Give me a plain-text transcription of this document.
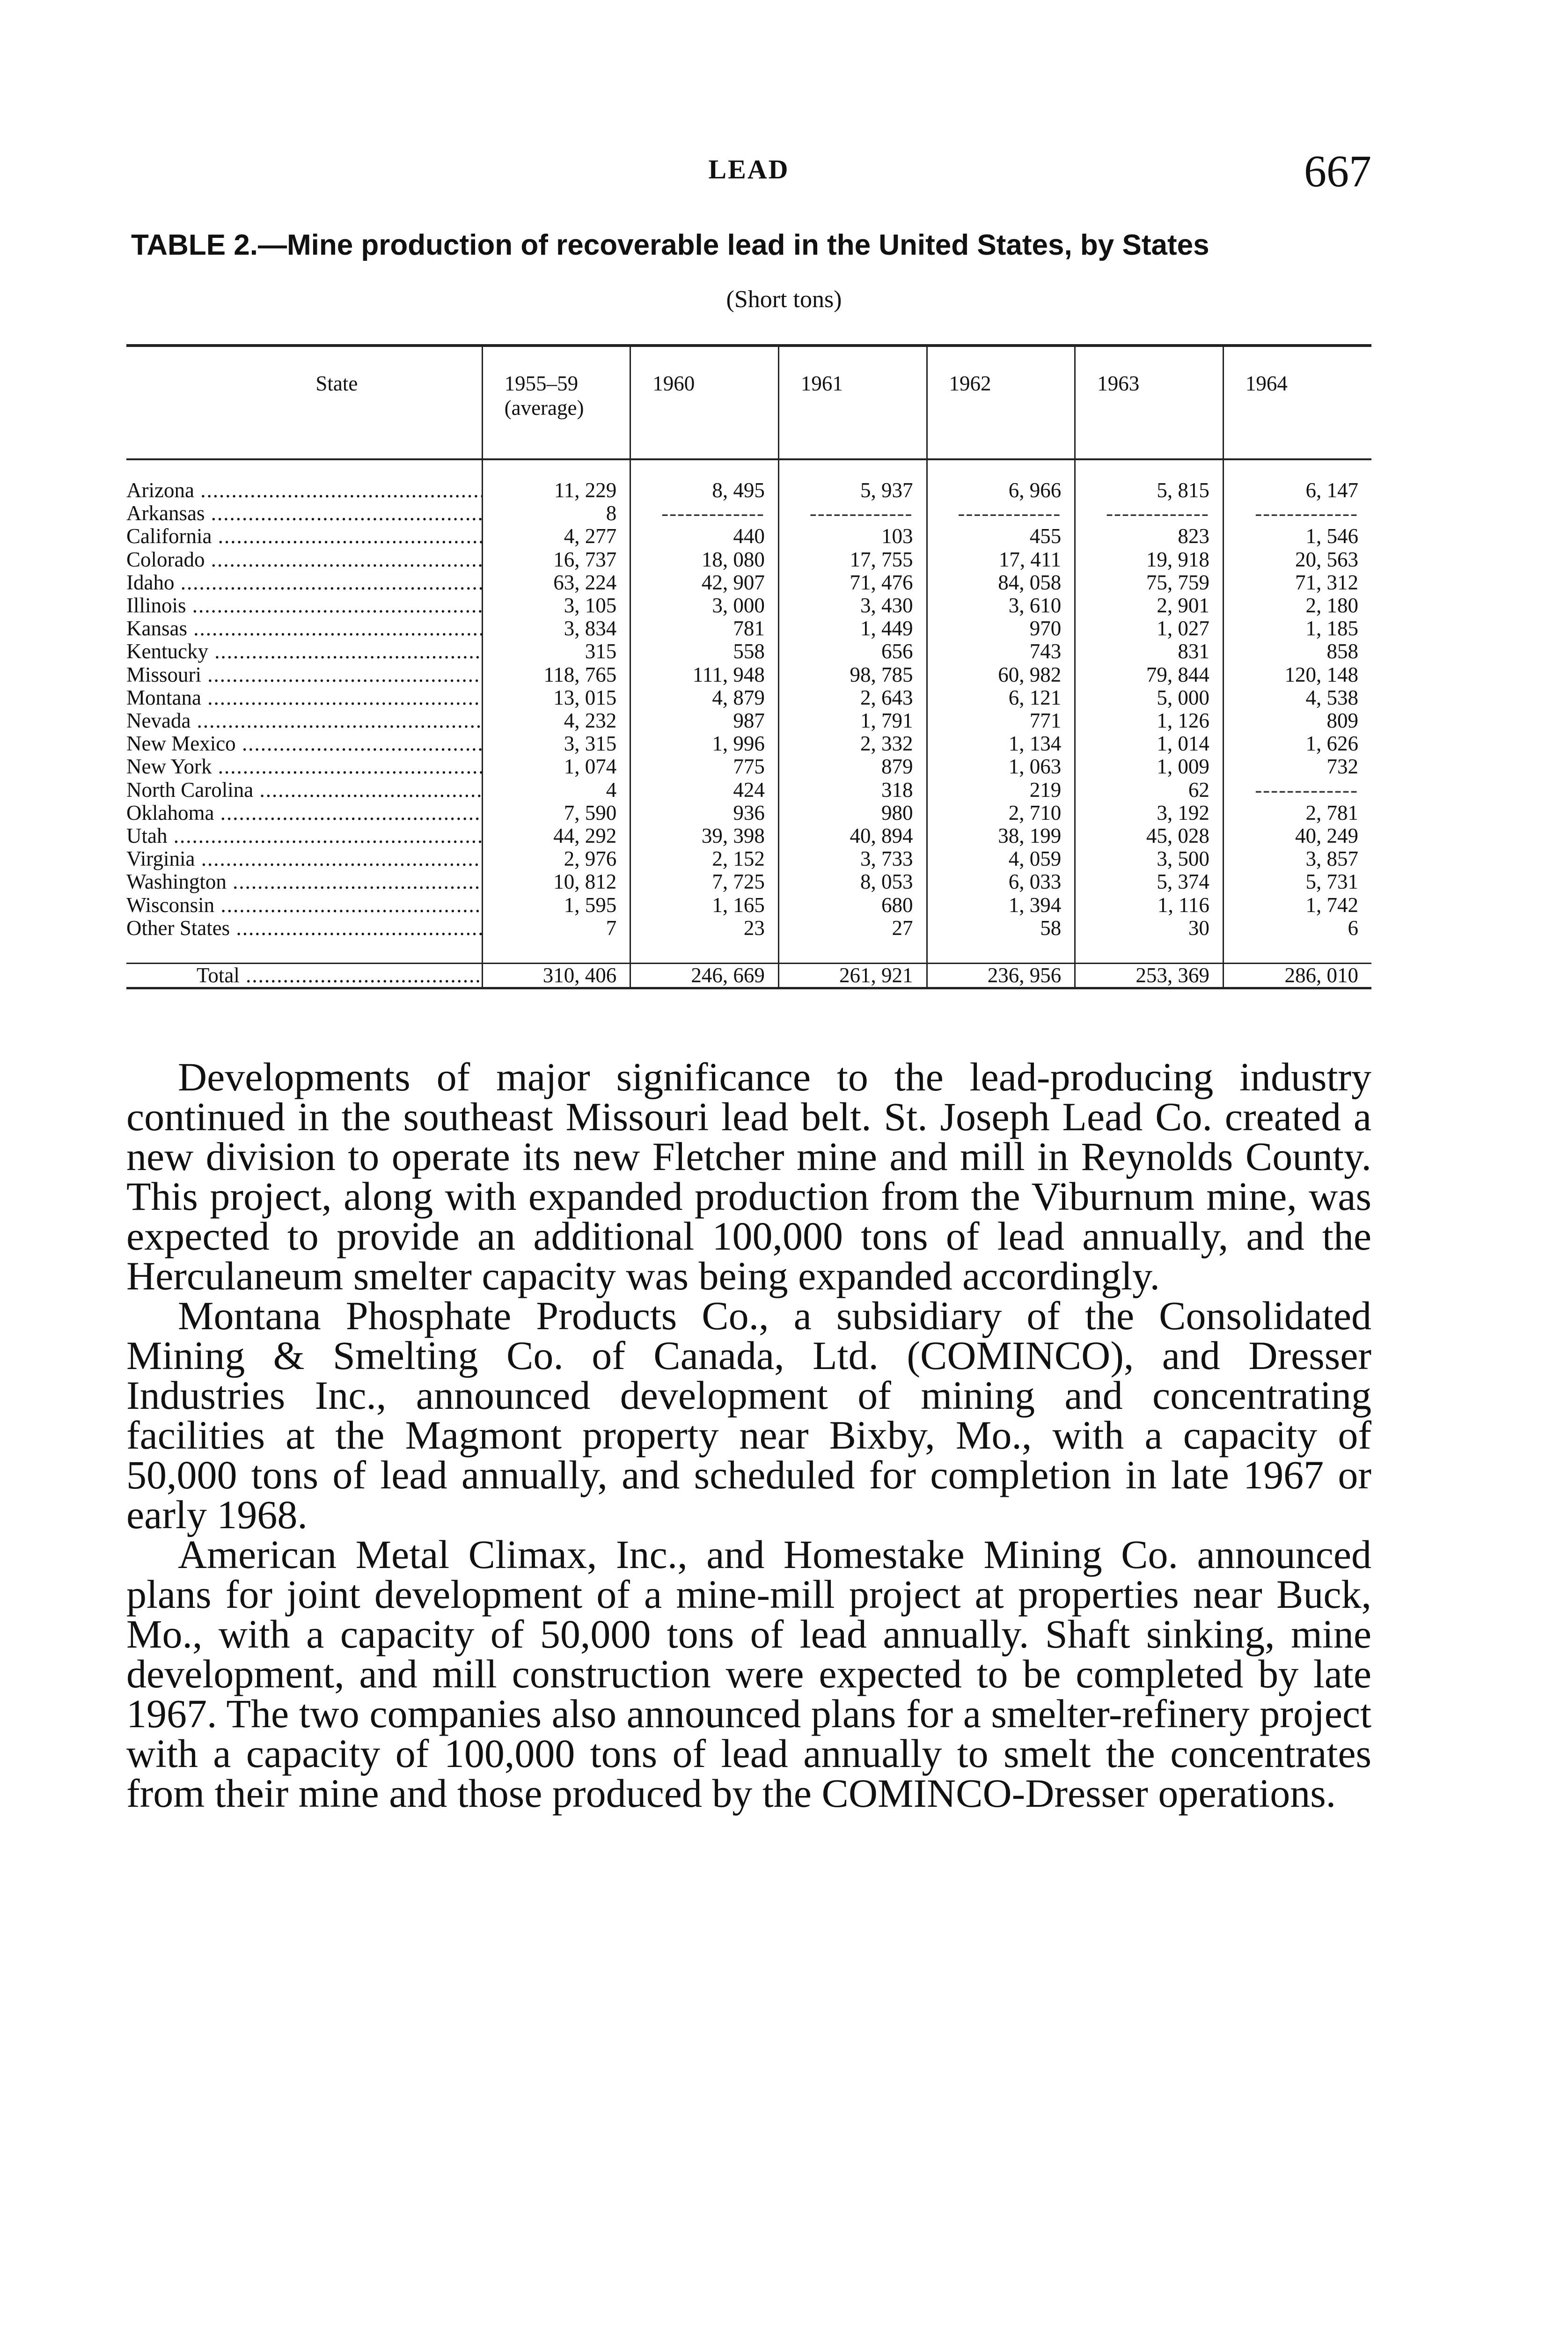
LEAD	667
TABLE 2.—Mine production of recoverable lead in the United States, by States
(Short tons)
State	1955–59 (average)	1960	1961	1962	1963	1964
Arizona .....	11, 229	8, 495	5, 937	6, 966	5, 815	6, 147
Arkansas .....	8	-------------	-------------	-------------	-------------	-------------
California .....	4, 277	440	103	455	823	1, 546
Colorado .....	16, 737	18, 080	17, 755	17, 411	19, 918	20, 563
Idaho .....	63, 224	42, 907	71, 476	84, 058	75, 759	71, 312
Illinois .....	3, 105	3, 000	3, 430	3, 610	2, 901	2, 180
Kansas .....	3, 834	781	1, 449	970	1, 027	1, 185
Kentucky .....	315	558	656	743	831	858
Missouri .....	118, 765	111, 948	98, 785	60, 982	79, 844	120, 148
Montana .....	13, 015	4, 879	2, 643	6, 121	5, 000	4, 538
Nevada .....	4, 232	987	1, 791	771	1, 126	809
New Mexico .....	3, 315	1, 996	2, 332	1, 134	1, 014	1, 626
New York .....	1, 074	775	879	1, 063	1, 009	732
North Carolina .....	4	424	318	219	62	-------------
Oklahoma .....	7, 590	936	980	2, 710	3, 192	2, 781
Utah .....	44, 292	39, 398	40, 894	38, 199	45, 028	40, 249
Virginia .....	2, 976	2, 152	3, 733	4, 059	3, 500	3, 857
Washington .....	10, 812	7, 725	8, 053	6, 033	5, 374	5, 731
Wisconsin .....	1, 595	1, 165	680	1, 394	1, 116	1, 742
Other States .....	7	23	27	58	30	6

Total .....	310, 406	246, 669	261, 921	236, 956	253, 369	286, 010

Developments of major significance to the lead-producing industry continued in the southeast Missouri lead belt. St. Joseph Lead Co. created a new division to operate its new Fletcher mine and mill in Reynolds County. This project, along with expanded production from the Viburnum mine, was expected to provide an additional 100,000 tons of lead annually, and the Herculaneum smelter capacity was being expanded accordingly.

Montana Phosphate Products Co., a subsidiary of the Consolidated Mining & Smelting Co. of Canada, Ltd. (COMINCO), and Dresser Industries Inc., announced development of mining and concentrating facilities at the Magmont property near Bixby, Mo., with a capacity of 50,000 tons of lead annually, and scheduled for completion in late 1967 or early 1968.

American Metal Climax, Inc., and Homestake Mining Co. announced plans for joint development of a mine-mill project at properties near Buck, Mo., with a capacity of 50,000 tons of lead annually. Shaft sinking, mine development, and mill construction were expected to be completed by late 1967. The two companies also announced plans for a smelter-refinery project with a capacity of 100,000 tons of lead annually to smelt the concentrates from their mine and those produced by the COMINCO-Dresser operations.
